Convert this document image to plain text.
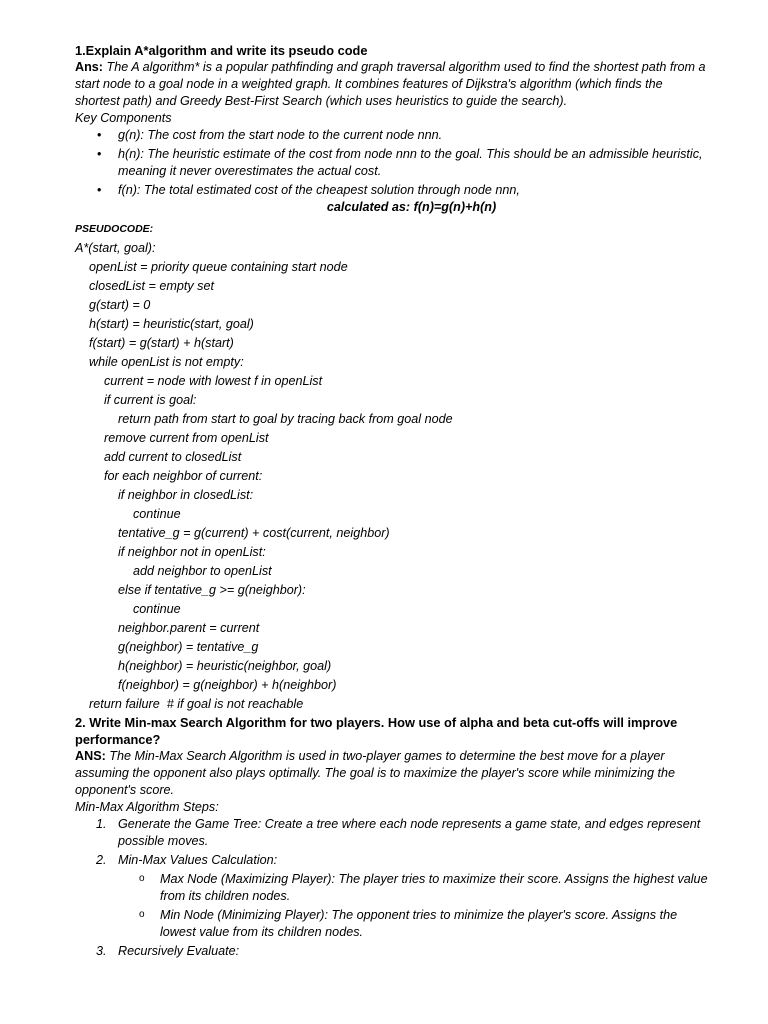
1.Explain A*algorithm and write its pseudo code

Ans: The A algorithm* is a popular pathfinding and graph traversal algorithm used to find the shortest path from a start node to a goal node in a weighted graph. It combines features of Dijkstra's algorithm (which finds the shortest path) and Greedy Best-First Search (which uses heuristics to guide the search).

Key Components

• g(n): The cost from the start node to the current node nnn.
• h(n): The heuristic estimate of the cost from node nnn to the goal. This should be an admissible heuristic, meaning it never overestimates the actual cost.
• f(n): The total estimated cost of the cheapest solution through node nnn,

calculated as: f(n)=g(n)+h(n)

PSEUDOCODE:

A*(start, goal):
openList = priority queue containing start node
closedList = empty set
g(start) = 0
h(start) = heuristic(start, goal)
f(start) = g(start) + h(start)
while openList is not empty:
current = node with lowest f in openList
if current is goal:
return path from start to goal by tracing back from goal node
remove current from openList
add current to closedList
for each neighbor of current:
if neighbor in closedList:
continue
tentative_g = g(current) + cost(current, neighbor)
if neighbor not in openList:
add neighbor to openList
else if tentative_g >= g(neighbor):
continue
neighbor.parent = current
g(neighbor) = tentative_g
h(neighbor) = heuristic(neighbor, goal)
f(neighbor) = g(neighbor) + h(neighbor)
return failure  # if goal is not reachable

2. Write Min-max Search Algorithm for two players. How use of alpha and beta cut-offs will improve performance?

ANS: The Min-Max Search Algorithm is used in two-player games to determine the best move for a player assuming the opponent also plays optimally. The goal is to maximize the player's score while minimizing the opponent's score.

Min-Max Algorithm Steps:

1. Generate the Game Tree: Create a tree where each node represents a game state, and edges represent possible moves.
2. Min-Max Values Calculation:
o Max Node (Maximizing Player): The player tries to maximize their score. Assigns the highest value from its children nodes.
o Min Node (Minimizing Player): The opponent tries to minimize the player's score. Assigns the lowest value from its children nodes.
3. Recursively Evaluate:
